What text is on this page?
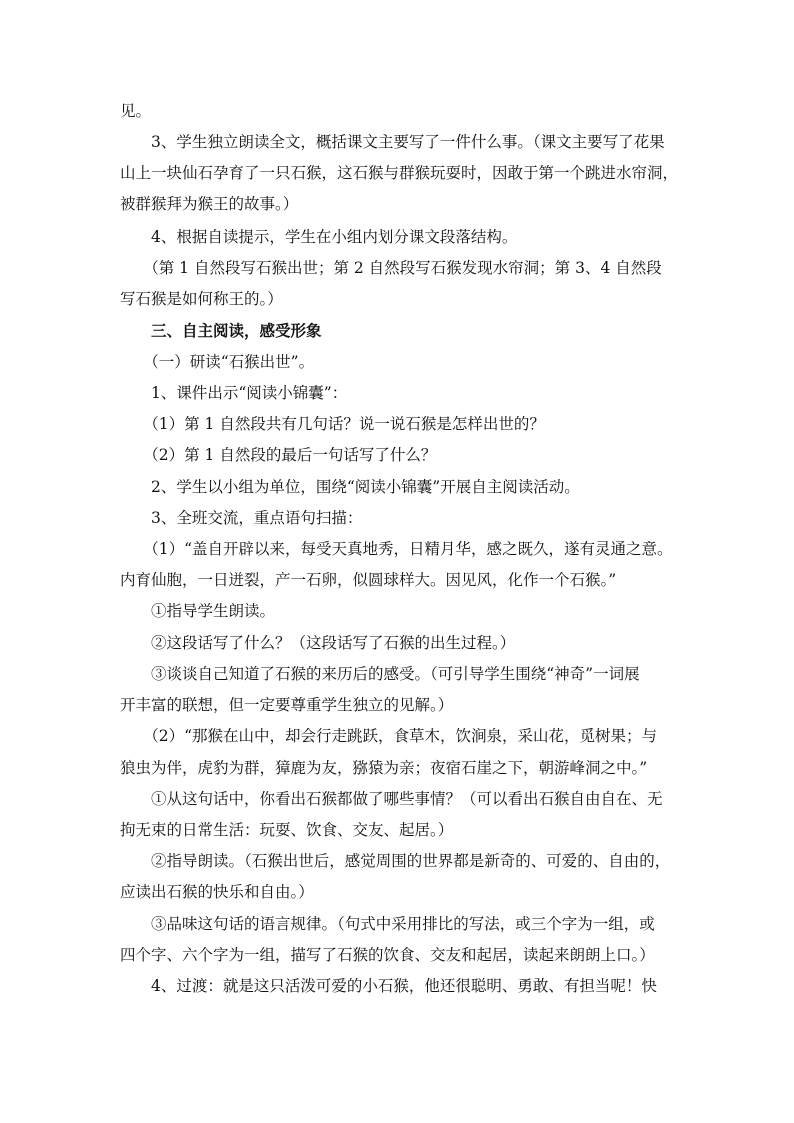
见。
　　3、学生独立朗读全文，概括课文主要写了一件什么事。（课文主要写了花果
山上一块仙石孕育了一只石猴，这石猴与群猴玩耍时，因敢于第一个跳进水帘洞，
被群猴拜为猴王的故事。）
　　4、根据自读提示，学生在小组内划分课文段落结构。
　　（第 1 自然段写石猴出世；第 2 自然段写石猴发现水帘洞；第 3、4 自然段
写石猴是如何称王的。）
　　三、自主阅读，感受形象
　　（一）研读“石猴出世”。
　　1、课件出示“阅读小锦囊”：
　　（1）第 1 自然段共有几句话？说一说石猴是怎样出世的？
　　（2）第 1 自然段的最后一句话写了什么？
　　2、学生以小组为单位，围绕“阅读小锦囊”开展自主阅读活动。
　　3、全班交流，重点语句扫描：
　　（1）“盖自开辟以来，每受天真地秀，日精月华，感之既久，遂有灵通之意。
内育仙胞，一日迸裂，产一石卵，似圆球样大。因见风，化作一个石猴。”
　　①指导学生朗读。
　　②这段话写了什么？（这段话写了石猴的出生过程。）
　　③谈谈自己知道了石猴的来历后的感受。（可引导学生围绕“神奇”一词展
开丰富的联想，但一定要尊重学生独立的见解。）
　　（2）“那猴在山中，却会行走跳跃，食草木，饮涧泉，采山花，觅树果；与
狼虫为伴，虎豹为群，獐鹿为友，猕猿为亲；夜宿石崖之下，朝游峰洞之中。”
　　①从这句话中，你看出石猴都做了哪些事情？（可以看出石猴自由自在、无
拘无束的日常生活：玩耍、饮食、交友、起居。）
　　②指导朗读。（石猴出世后，感觉周围的世界都是新奇的、可爱的、自由的，
应读出石猴的快乐和自由。）
　　③品味这句话的语言规律。（句式中采用排比的写法，或三个字为一组，或
四个字、六个字为一组，描写了石猴的饮食、交友和起居，读起来朗朗上口。）
　　4、过渡：就是这只活泼可爱的小石猴，他还很聪明、勇敢、有担当呢！快
